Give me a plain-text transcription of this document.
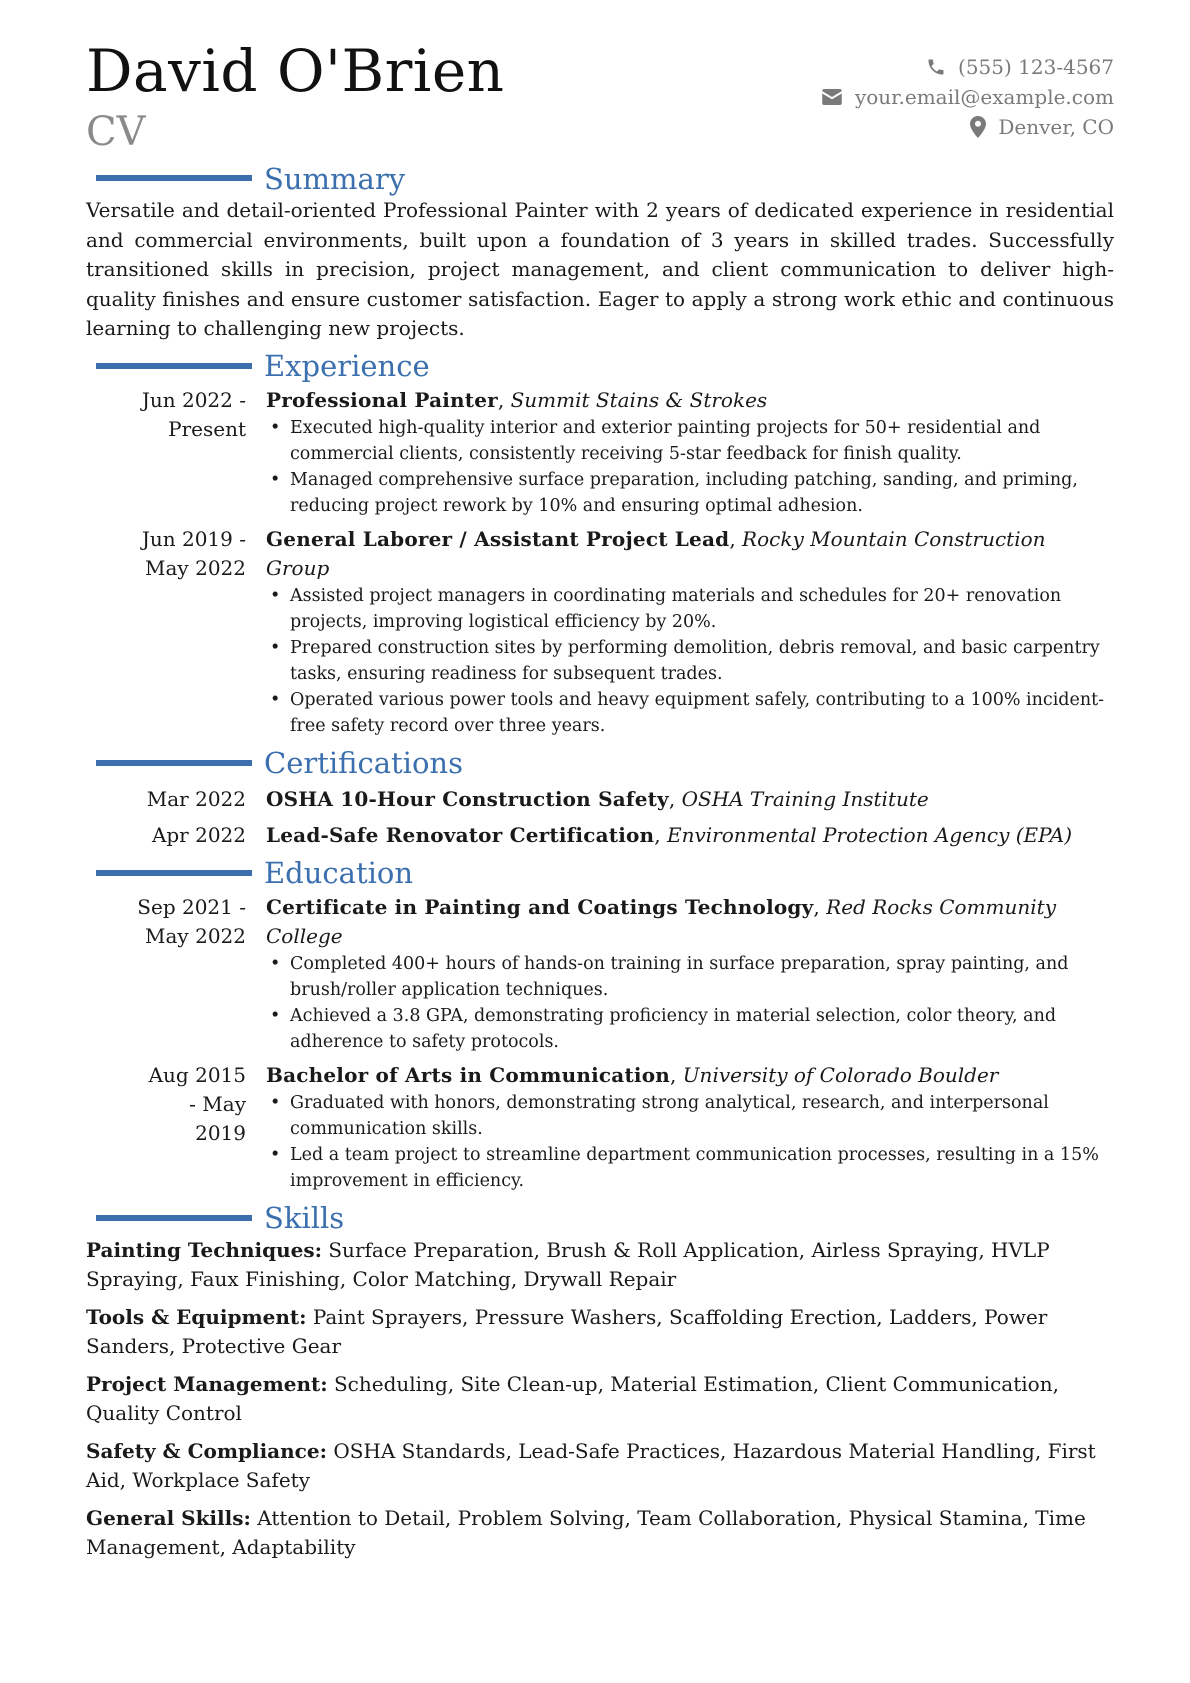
David O'Brien
CV
(555) 123-4567
your.email@example.com
Denver, CO
Summary

Versatile and detail-oriented Professional Painter with 2 years of dedicated experience in residential and commercial environments, built upon a foundation of 3 years in skilled trades. Successfully transitioned skills in precision, project management, and client communication to deliver high-quality finishes and ensure customer satisfaction. Eager to apply a strong work ethic and continuous learning to challenging new projects.

Experience
Jun 2022 - Present
Professional Painter, Summit Stains & Strokes
• Executed high-quality interior and exterior painting projects for 50+ residential and commercial clients, consistently receiving 5-star feedback for finish quality.
• Managed comprehensive surface preparation, including patching, sanding, and priming, reducing project rework by 10% and ensuring optimal adhesion.
Jun 2019 - May 2022
General Laborer / Assistant Project Lead, Rocky Mountain Construction Group
• Assisted project managers in coordinating materials and schedules for 20+ renovation projects, improving logistical efficiency by 20%.
• Prepared construction sites by performing demolition, debris removal, and basic carpentry tasks, ensuring readiness for subsequent trades.
• Operated various power tools and heavy equipment safely, contributing to a 100% incident-free safety record over three years.
Certifications
Mar 2022 OSHA 10-Hour Construction Safety, OSHA Training Institute
Apr 2022 Lead-Safe Renovator Certification, Environmental Protection Agency (EPA)
Education
Sep 2021 - May 2022
Certificate in Painting and Coatings Technology, Red Rocks Community College
• Completed 400+ hours of hands-on training in surface preparation, spray painting, and brush/roller application techniques.
• Achieved a 3.8 GPA, demonstrating proficiency in material selection, color theory, and adherence to safety protocols.
Aug 2015 - May 2019
Bachelor of Arts in Communication, University of Colorado Boulder
• Graduated with honors, demonstrating strong analytical, research, and interpersonal communication skills.
• Led a team project to streamline department communication processes, resulting in a 15% improvement in efficiency.
Skills
Painting Techniques: Surface Preparation, Brush & Roll Application, Airless Spraying, HVLP Spraying, Faux Finishing, Color Matching, Drywall Repair
Tools & Equipment: Paint Sprayers, Pressure Washers, Scaffolding Erection, Ladders, Power Sanders, Protective Gear
Project Management: Scheduling, Site Clean-up, Material Estimation, Client Communication, Quality Control
Safety & Compliance: OSHA Standards, Lead-Safe Practices, Hazardous Material Handling, First Aid, Workplace Safety
General Skills: Attention to Detail, Problem Solving, Team Collaboration, Physical Stamina, Time Management, Adaptability
